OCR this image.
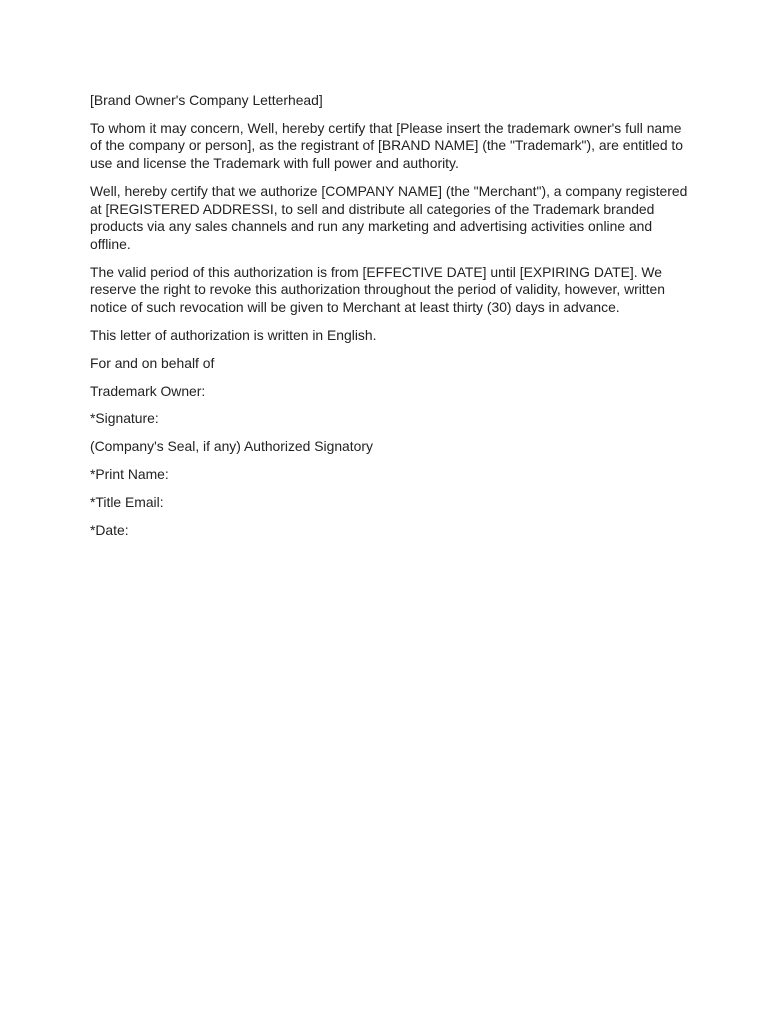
[Brand Owner's Company Letterhead]

To whom it may concern, Well, hereby certify that [Please insert the trademark owner's full name of the company or person], as the registrant of [BRAND NAME] (the "Trademark"), are entitled to use and license the Trademark with full power and authority.

Well, hereby certify that we authorize [COMPANY NAME] (the "Merchant"), a company registered at [REGISTERED ADDRESSI, to sell and distribute all categories of the Trademark branded products via any sales channels and run any marketing and advertising activities online and offline.

The valid period of this authorization is from [EFFECTIVE DATE] until [EXPIRING DATE]. We reserve the right to revoke this authorization throughout the period of validity, however, written notice of such revocation will be given to Merchant at least thirty (30) days in advance.

This letter of authorization is written in English.

For and on behalf of

Trademark Owner:

*Signature:

(Company's Seal, if any) Authorized Signatory

*Print Name:

*Title Email:

*Date:
